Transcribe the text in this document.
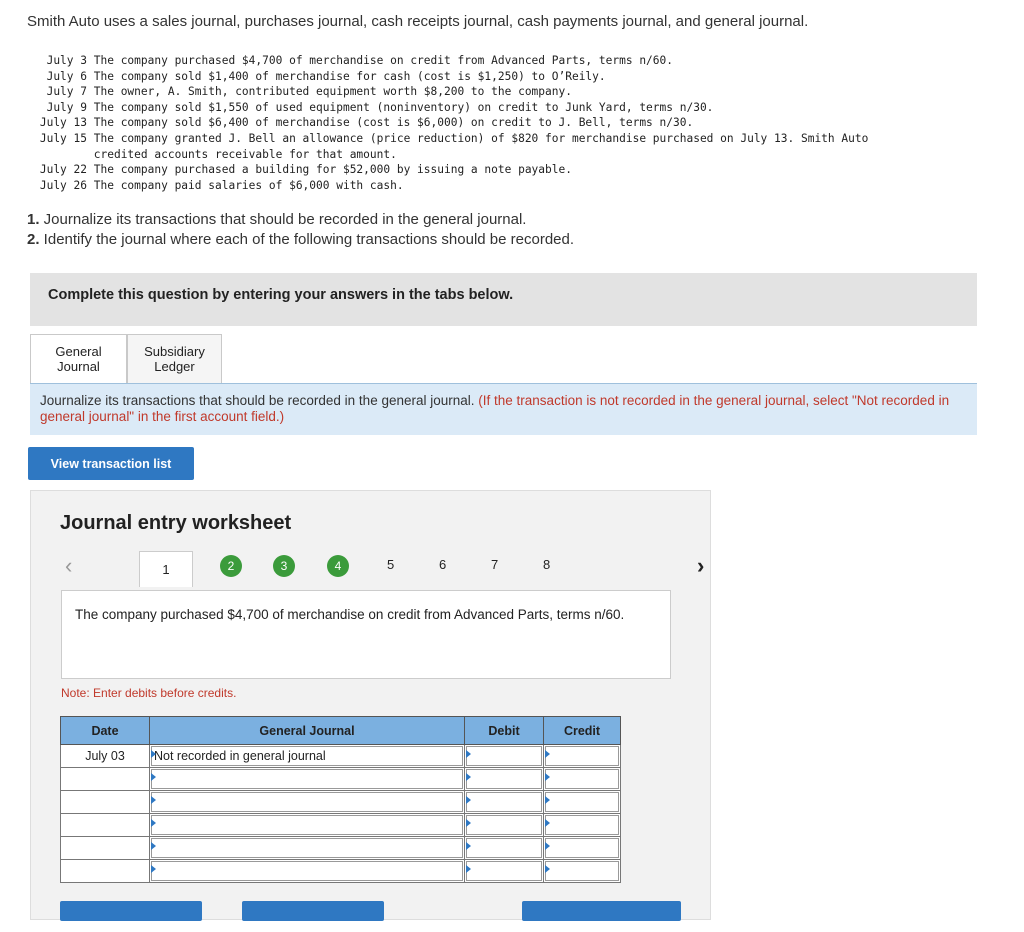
Smith Auto uses a sales journal, purchases journal, cash receipts journal, cash payments journal, and general journal.
July 3
The company purchased $4,700 of merchandise on credit from Advanced Parts, terms n/60.
July 6
The company sold $1,400 of merchandise for cash (cost is $1,250) to O’Reily.
July 7
The owner, A. Smith, contributed equipment worth $8,200 to the company.
July 9
The company sold $1,550 of used equipment (noninventory) on credit to Junk Yard, terms n/30.
July 13
The company sold $6,400 of merchandise (cost is $6,000) on credit to J. Bell, terms n/30.
July 15
The company granted J. Bell an allowance (price reduction) of $820 for merchandise purchased on July 13. Smith Auto

credited accounts receivable for that amount.
July 22
The company purchased a building for $52,000 by issuing a note payable.
July 26
The company paid salaries of $6,000 with cash.
1. Journalize its transactions that should be recorded in the general journal.
2. Identify the journal where each of the following transactions should be recorded.
Complete this question by entering your answers in the tabs below.
General
Journal
Subsidiary
Ledger
Journalize its transactions that should be recorded in the general journal. (If the transaction is not recorded in the general journal, select "Not recorded in general journal" in the first account field.)
View transaction list
Journal entry worksheet
‹	1	2	3	4	5	6	7	8	›
The company purchased $4,700 of merchandise on credit from Advanced Parts, terms n/60.
Note: Enter debits before credits.
Date	General Journal	Debit	Credit
July 03	Not recorded in general journal		
